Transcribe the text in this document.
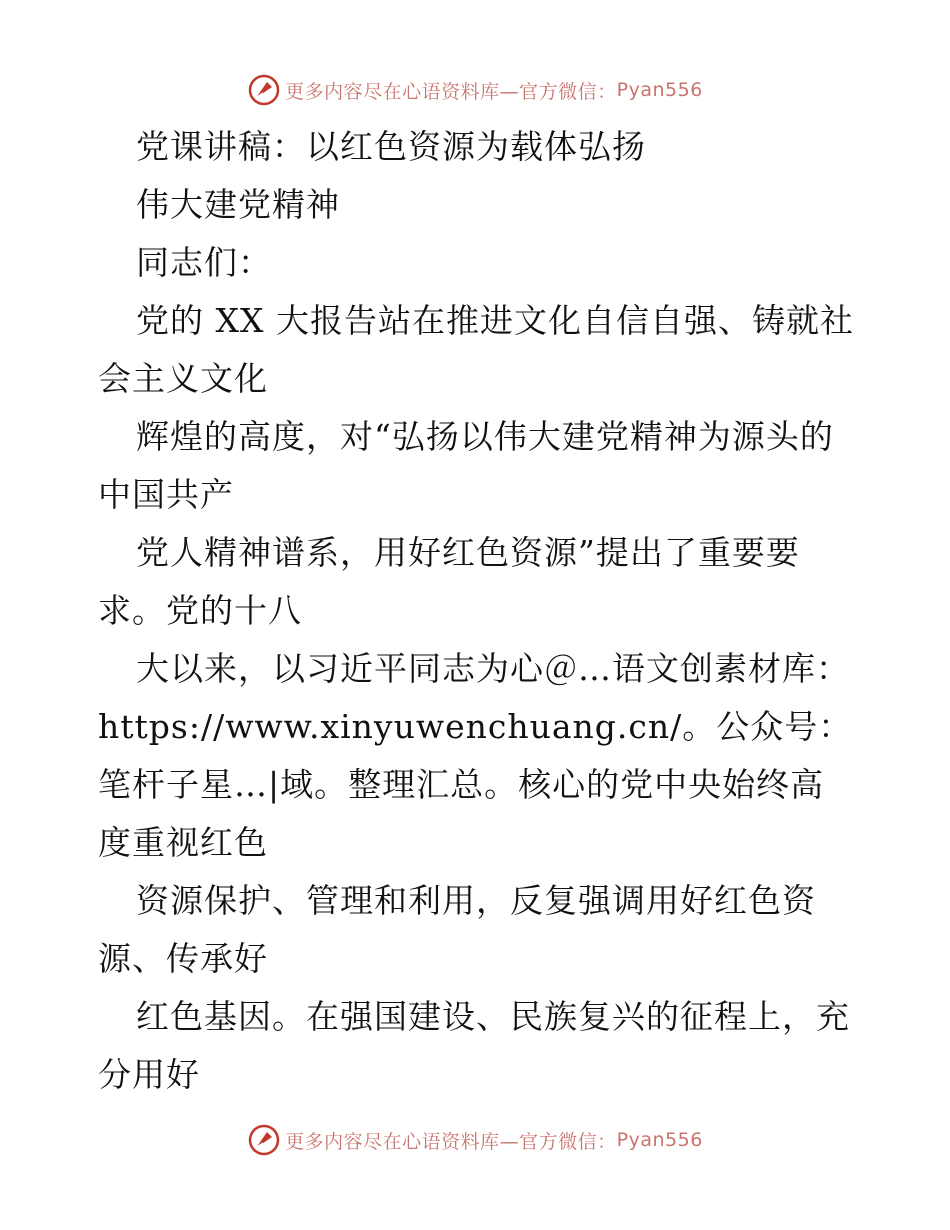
更多内容尽在心语资料库—官方微信： Pyan556

党课讲稿：以红色资源为载体弘扬

伟大建党精神

同志们：

党的 XX 大报告站在推进文化自信自强、铸就社会主义文化

辉煌的高度，对“弘扬以伟大建党精神为源头的中国共产

党人精神谱系，用好红色资源”提出了重要要求。党的十八

大以来，以习近平同志为心＠…语文创素材库：https://www.xinyuwenchuang.cn/。公众号：笔杆子星…|域。整理汇总。核心的党中央始终高度重视红色

资源保护、管理和利用，反复强调用好红色资源、传承好

红色基因。在强国建设、民族复兴的征程上，充分用好

更多内容尽在心语资料库—官方微信： Pyan556
